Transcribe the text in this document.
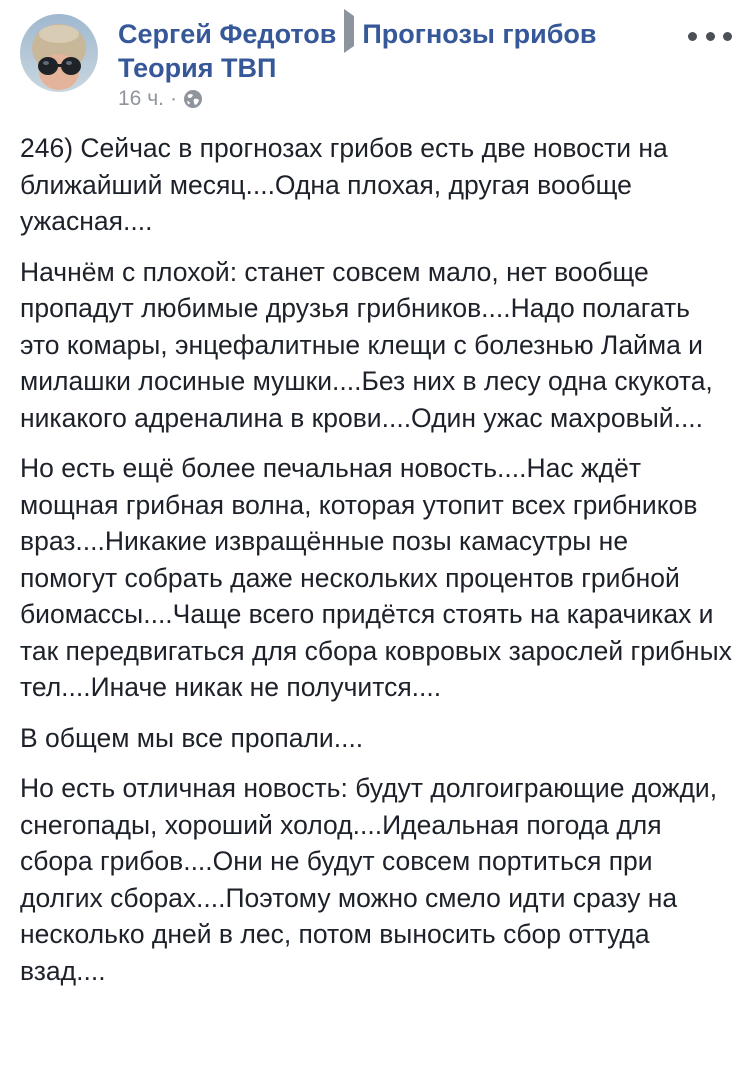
Сергей Федотов Прогнозы грибов
Теория ТВП
16 ч. ·

246) Сейчас в прогнозах грибов есть две новости на ближайший месяц....Одна плохая, другая вообще ужасная....

Начнём с плохой: станет совсем мало, нет вообще пропадут любимые друзья грибников....Надо полагать это комары, энцефалитные клещи с болезнью Лайма и милашки лосиные мушки....Без них в лесу одна скукота, никакого адреналина в крови....Один ужас махровый....

Но есть ещё более печальная новость....Нас ждёт мощная грибная волна, которая утопит всех грибников враз....Никакие извращённые позы камасутры не помогут собрать даже нескольких процентов грибной биомассы....Чаще всего придётся стоять на карачиках и так передвигаться для сбора ковровых зарослей грибных тел....Иначе никак не получится....

В общем мы все пропали....

Но есть отличная новость: будут долгоиграющие дожди, снегопады, хороший холод....Идеальная погода для сбора грибов....Они не будут совсем портиться при долгих сборах....Поэтому можно смело идти сразу на несколько дней в лес, потом выносить сбор оттуда взад....
